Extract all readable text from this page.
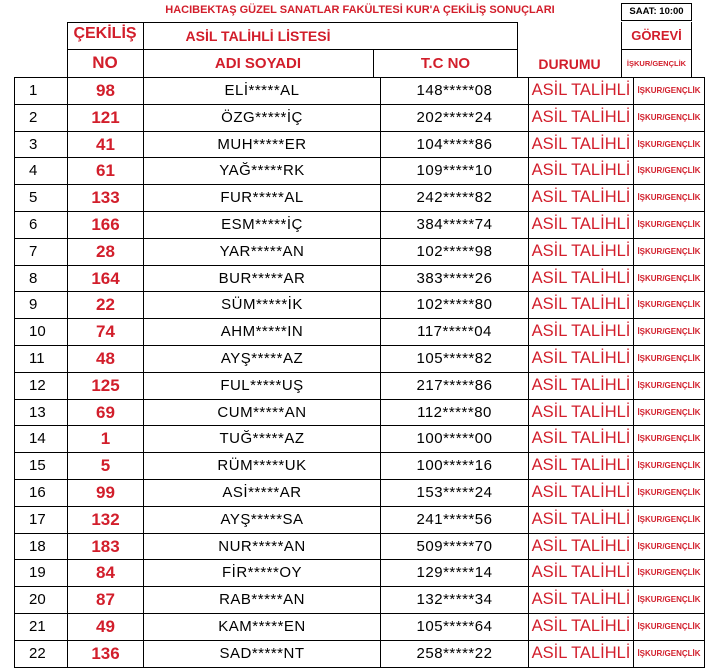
HACIBEKTAŞ GÜZEL SANATLAR FAKÜLTESİ KUR'A ÇEKİLİŞ SONUÇLARI	SAAT: 10:00
ÇEKİLİŞ
NO
ASİL TALİHLİ LİSTESİ
ADI SOYADI	T.C NO	DURUMU
GÖREVİ
İŞKUR/GENÇLİK
1	98	ELİ*****AL	148*****08	ASİL TALİHLİ	İŞKUR/GENÇLİK
2	121	ÖZG*****İÇ	202*****24	ASİL TALİHLİ	İŞKUR/GENÇLİK
3	41	MUH*****ER	104*****86	ASİL TALİHLİ	İŞKUR/GENÇLİK
4	61	YAĞ*****RK	109*****10	ASİL TALİHLİ	İŞKUR/GENÇLİK
5	133	FUR*****AL	242*****82	ASİL TALİHLİ	İŞKUR/GENÇLİK
6	166	ESM*****İÇ	384*****74	ASİL TALİHLİ	İŞKUR/GENÇLİK
7	28	YAR*****AN	102*****98	ASİL TALİHLİ	İŞKUR/GENÇLİK
8	164	BUR*****AR	383*****26	ASİL TALİHLİ	İŞKUR/GENÇLİK
9	22	SÜM*****İK	102*****80	ASİL TALİHLİ	İŞKUR/GENÇLİK
10	74	AHM*****IN	117*****04	ASİL TALİHLİ	İŞKUR/GENÇLİK
11	48	AYŞ*****AZ	105*****82	ASİL TALİHLİ	İŞKUR/GENÇLİK
12	125	FUL*****UŞ	217*****86	ASİL TALİHLİ	İŞKUR/GENÇLİK
13	69	CUM*****AN	112*****80	ASİL TALİHLİ	İŞKUR/GENÇLİK
14	1	TUĞ*****AZ	100*****00	ASİL TALİHLİ	İŞKUR/GENÇLİK
15	5	RÜM*****UK	100*****16	ASİL TALİHLİ	İŞKUR/GENÇLİK
16	99	ASİ*****AR	153*****24	ASİL TALİHLİ	İŞKUR/GENÇLİK
17	132	AYŞ*****SA	241*****56	ASİL TALİHLİ	İŞKUR/GENÇLİK
18	183	NUR*****AN	509*****70	ASİL TALİHLİ	İŞKUR/GENÇLİK
19	84	FİR*****OY	129*****14	ASİL TALİHLİ	İŞKUR/GENÇLİK
20	87	RAB*****AN	132*****34	ASİL TALİHLİ	İŞKUR/GENÇLİK
21	49	KAM*****EN	105*****64	ASİL TALİHLİ	İŞKUR/GENÇLİK
22	136	SAD*****NT	258*****22	ASİL TALİHLİ	İŞKUR/GENÇLİK
